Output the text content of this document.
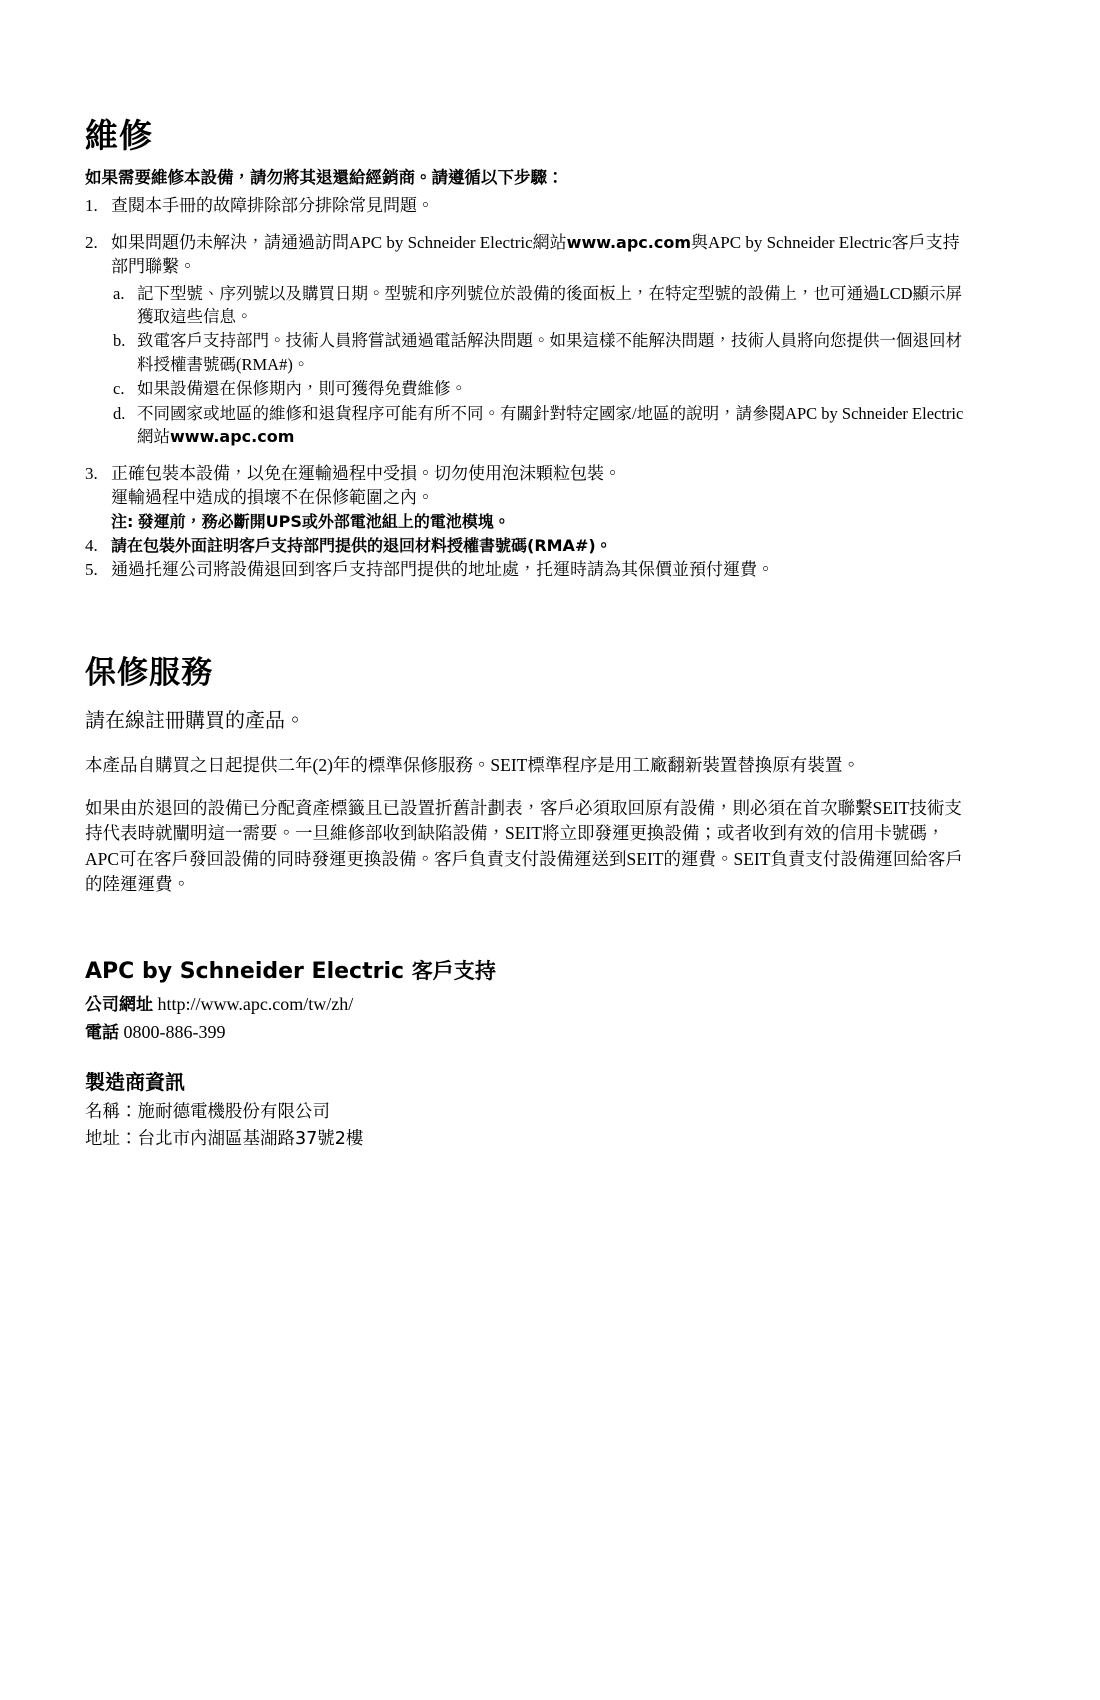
維修

如果需要維修本設備，請勿將其退還給經銷商。請遵循以下步驟：

1. 查閱本手冊的故障排除部分排除常見問題。
2. 如果問題仍未解決，請通過訪問APC by Schneider Electric網站www.apc.com與APC by Schneider Electric客戶支持部門聯繫。
a. 記下型號、序列號以及購買日期。型號和序列號位於設備的後面板上，在特定型號的設備上，也可通過LCD顯示屏獲取這些信息。
b. 致電客戶支持部門。技術人員將嘗試通過電話解決問題。如果這樣不能解決問題，技術人員將向您提供一個退回材料授權書號碼(RMA#)。
c. 如果設備還在保修期內，則可獲得免費維修。
d. 不同國家或地區的維修和退貨程序可能有所不同。有關針對特定國家/地區的說明，請參閱APC by Schneider Electric網站www.apc.com
3. 正確包裝本設備，以免在運輸過程中受損。切勿使用泡沫顆粒包裝。
運輸過程中造成的損壞不在保修範圍之內。
注: 發運前，務必斷開UPS或外部電池組上的電池模塊。
4. 請在包裝外面註明客戶支持部門提供的退回材料授權書號碼(RMA#)。
5. 通過托運公司將設備退回到客戶支持部門提供的地址處，托運時請為其保價並預付運費。
保修服務

請在線註冊購買的產品。

本產品自購買之日起提供二年(2)年的標準保修服務。SEIT標準程序是用工廠翻新裝置替換原有裝置。

如果由於退回的設備已分配資產標籤且已設置折舊計劃表，客戶必須取回原有設備，則必須在首次聯繫SEIT技術支持代表時就闡明這一需要。一旦維修部收到缺陷設備，SEIT將立即發運更換設備；或者收到有效的信用卡號碼，APC可在客戶發回設備的同時發運更換設備。客戶負責支付設備運送到SEIT的運費。SEIT負責支付設備運回給客戶的陸運運費。

APC by Schneider Electric 客戶支持

公司網址 http://www.apc.com/tw/zh/

電話 0800-886-399

製造商資訊

名稱：施耐德電機股份有限公司

地址：台北市內湖區基湖路37號2樓
